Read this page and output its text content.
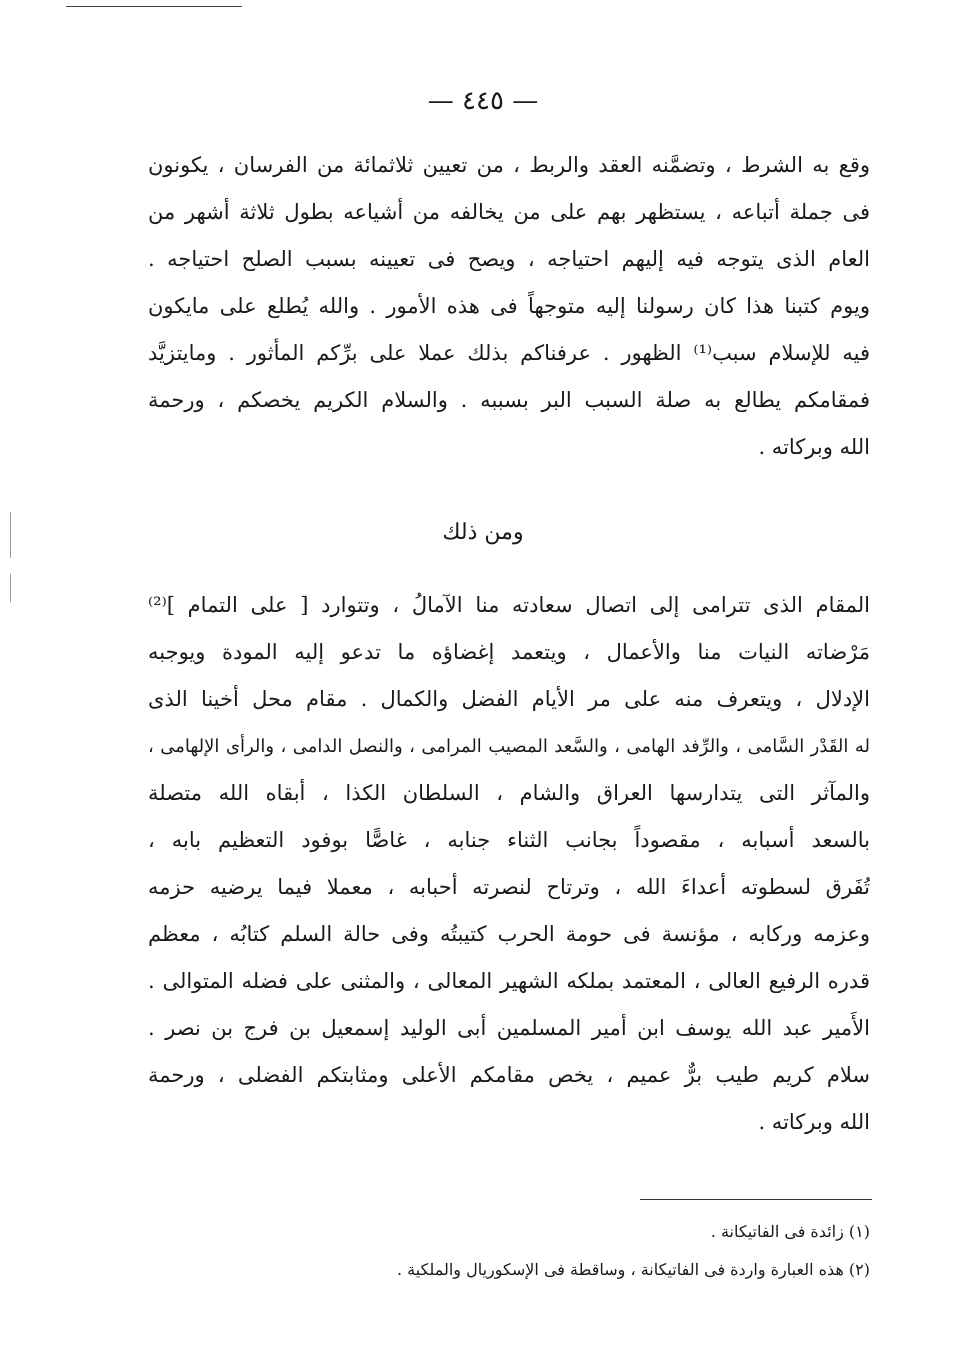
— ٤٤٥ —
وقع به الشرط ، وتضمَّنه العقد والربط ، من تعيين ثلاثمائة من الفرسان ، يكونون
فى جملة أتباعه ، يستظهر بهم على من يخالفه من أشياعه بطول ثلاثة أشهر من
العام الذى يتوجه فيه إليهم احتياجه ، ويصح فى تعيينه بسبب الصلح احتياجه .
ويوم كتبنا هذا كان رسولنا إليه متوجهاً فى هذه الأمور . والله يُطلع على مايكون
فيه للإسلام سبب⁽¹⁾ الظهور . عرفناكم بذلك عملا على برِّكم المأثور . ومايتزيَّد
فمقامكم يطالع به صلة السبب البر بسببه . والسلام الكريم يخصكم ، ورحمة
الله وبركاته .
ومن ذلك
المقام الذى تترامى إلى اتصال سعادته منا الآمالُ ، وتتوارد [ على التمام ]⁽²⁾
مَرْضاته النيات منا والأعمال ، ويتعمد إغضاؤه ما تدعو إليه المودة ويوجبه
الإدلال ، ويتعرف منه على مر الأيام الفضل والكمال . مقام محل أخينا الذى
له القَدْر السَّامى ، والرِّفد الهامى ، والسَّعد المصيب المرامى ، والنصل الدامى ، والرأى الإلهامى ،
والمآثر التى يتدارسها العراق والشام ، السلطان الكذا ، أبقاه الله متصلة
بالسعد أسبابه ، مقصوداً بجانب الثناء جنابه ، غاصًّا بوفود التعظيم بابه ،
تُفَرق لسطوته أعداءَ الله ، وترتاح لنصرته أحبابه ، معملا فيما يرضيه حزمه
وعزمه وركابه ، مؤنسة فى حومة الحرب كتيبتُه وفى حالة السلم كتابُه ، معظم
قدره الرفيع العالى ، المعتمد بملكه الشهير المعالى ، والمثنى على فضله المتوالى .
الأَمير عبد الله يوسف ابن أمير المسلمين أبى الوليد إسمعيل بن فرج بن نصر .
سلام كريم طيب برٌّ عميم ، يخص مقامكم الأعلى ومثابتكم الفضلى ، ورحمة
الله وبركاته .
(١) زائدة فى الفاتيكانة .
(٢) هذه العبارة واردة فى الفاتيكانة ، وساقطة فى الإسكوريال والملكية .
